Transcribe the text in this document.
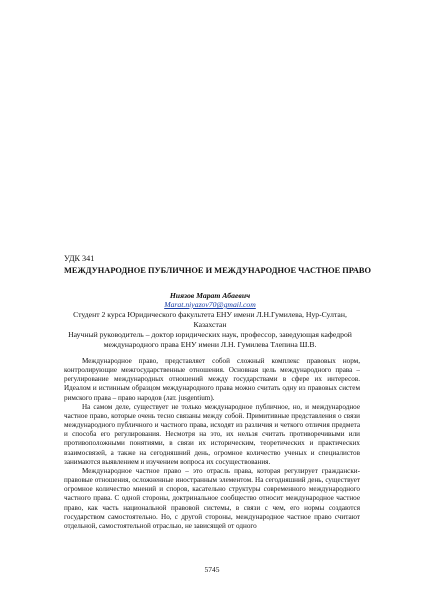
УДК 341
МЕЖДУНАРОДНОЕ ПУБЛИЧНОЕ И МЕЖДУНАРОДНОЕ ЧАСТНОЕ ПРАВО
Ниязов Марат Абаевич
Marat.niyazov70@gmail.com
Студент 2 курса Юридического факультета ЕНУ имени Л.Н.Гумилева, Нур-Султан, Казахстан
Научный руководитель – доктор юридических наук, профессор, заведующая кафедрой международного права ЕНУ имени Л.Н. Гумилева Тлепина Ш.В.

Международное право, представляет собой сложный комплекс правовых норм, контролирующие межгосударственные отношения. Основная цель международного права – регулирование международных отношений между государствами в сфере их интересов. Идеалом и истинным образцом международного права можно считать одну из правовых систем римского права – право народов (лат. jusgentium).

На самом деле, существует не только международное публичное, но, и международное частное право, которые очень тесно связаны между собой. Примитивные представления о связи международного публичного и частного права, исходят из различия и четкого отличия предмета и способа его регулирования. Несмотря на это, их нельзя считать противоречивыми или противоположными понятиями, в связи их историческим, теоретических и практических взаимосвязей, а также на сегодняшний день, огромное количество ученых и специалистов занимаются выявлением и изучением вопроса их сосуществования.

Международное частное право – это отрасль права, которая регулирует граждански-правовые отношения, осложненные иностранным элементом. На сегодняшний день, существует огромное количество мнений и споров, касательно структуры современного международного частного права. С одной стороны, доктринальное сообщество относит международное частное право, как часть национальной правовой системы, в связи с чем, его нормы создаются государством самостоятельно. Но, с другой стороны, международное частное право считают отдельной, самостоятельной отраслью, не зависящей от одного

5745
